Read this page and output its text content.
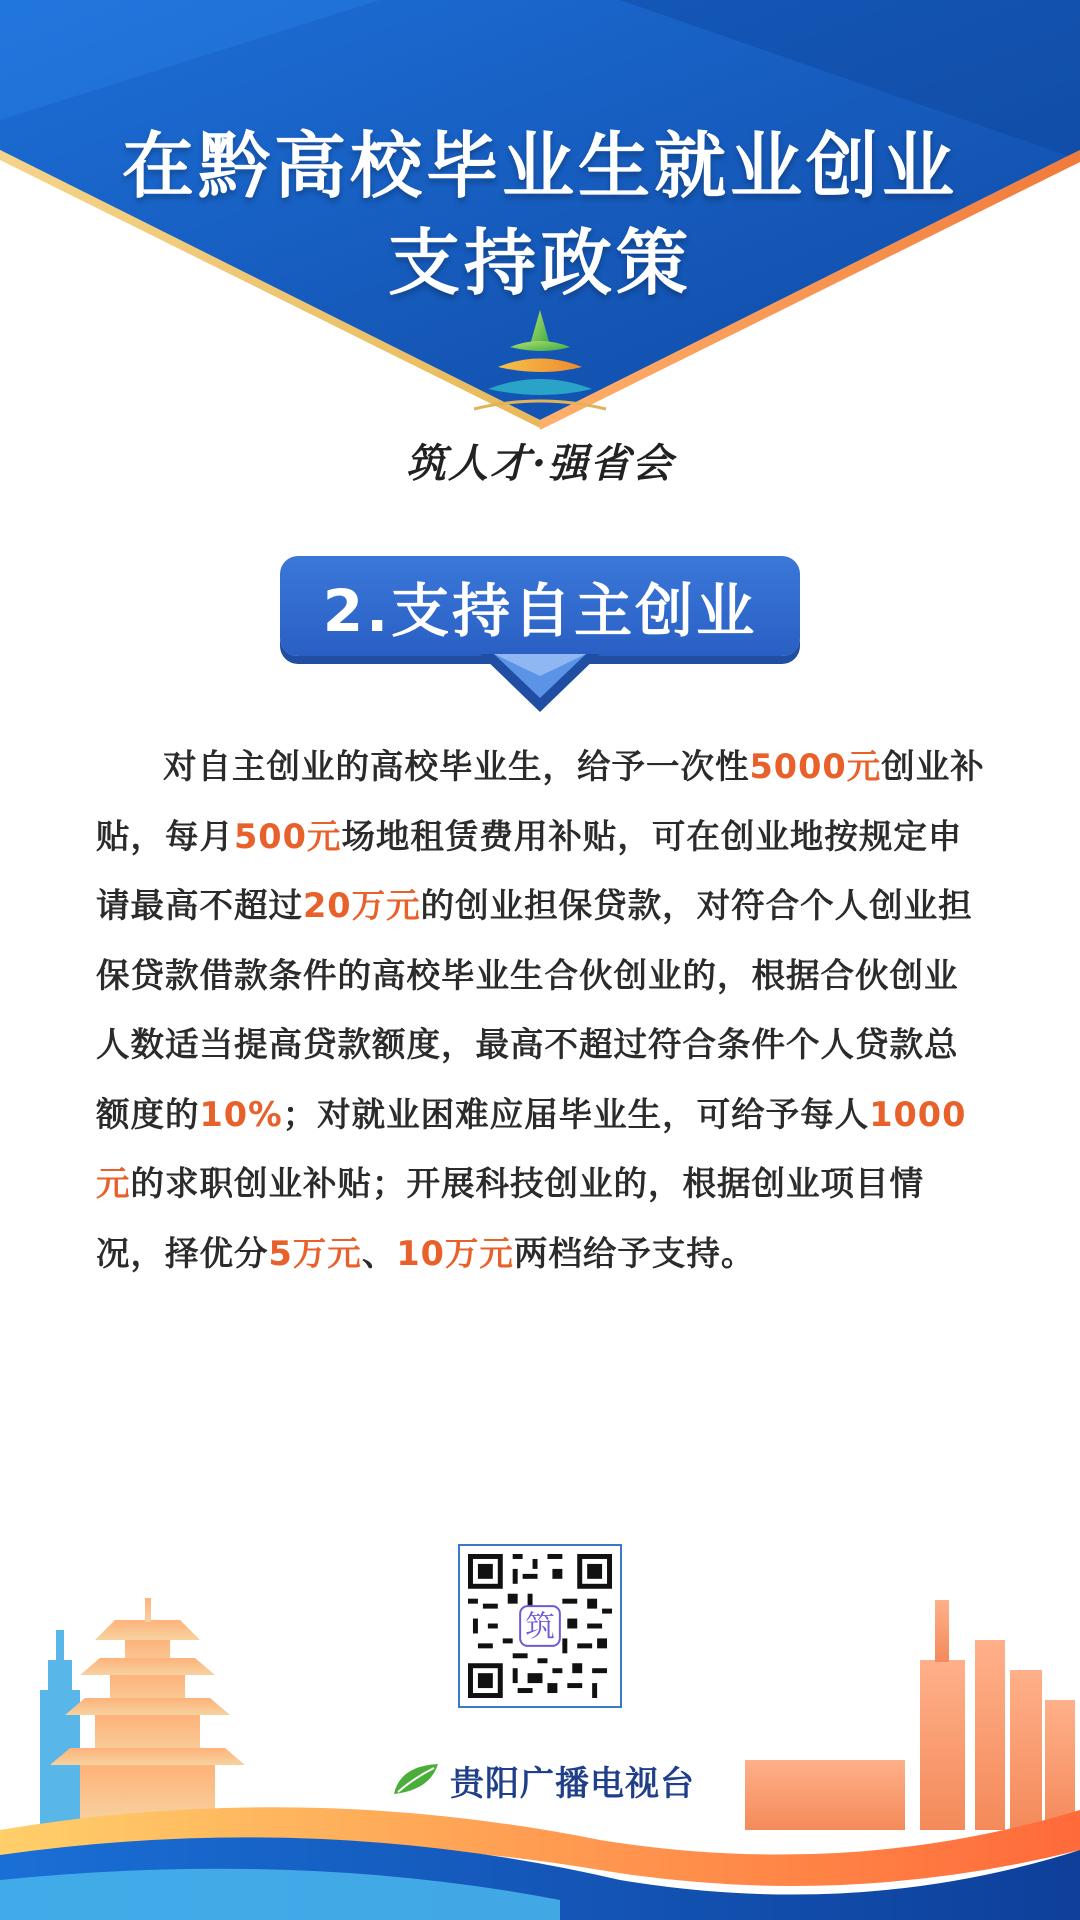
在黔高校毕业生就业创业
支持政策
筑人才·强省会
2.支持自主创业
对自主创业的高校毕业生，给予一次性5000元创业补贴，每月500元场地租赁费用补贴，可在创业地按规定申请最高不超过20万元的创业担保贷款，对符合个人创业担保贷款借款条件的高校毕业生合伙创业的，根据合伙创业人数适当提高贷款额度，最高不超过符合条件个人贷款总额度的10%；对就业困难应届毕业生，可给予每人1000元的求职创业补贴；开展科技创业的，根据创业项目情况，择优分5万元、10万元两档给予支持。
筑
贵阳广播电视台
